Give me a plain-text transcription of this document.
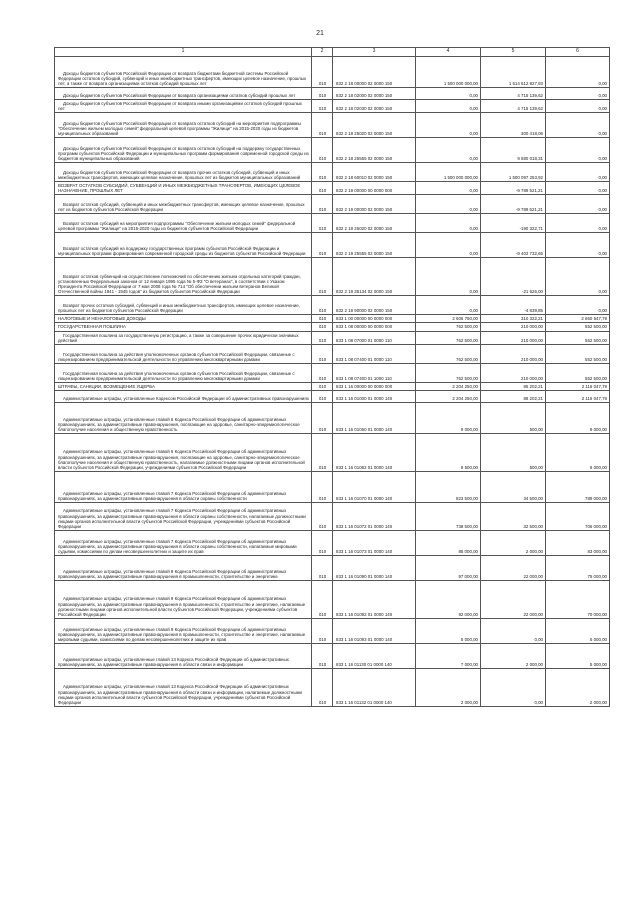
21
1	2	3	4	5	6
Доходы бюджетов субъектов Российской Федерации от возврата бюджетами бюджетной системы Российской Федерации остатков субсидий, субвенций и иных межбюджетных трансфертов, имеющих целевое назначение, прошлых лет, а также от возврата организациями остатков субсидий прошлых лет	010	832 2 18 00000 02 0000 150	1 500 000 000,00	1 514 612 827,93	0,00
Доходы бюджетов субъектов Российской Федерации от возврата организациями остатков субсидий прошлых лет	010	832 2 18 02000 02 0000 150	0,00	4 715 139,62	0,00
Доходы бюджетов субъектов Российской Федерации от возврата иными организациями остатков субсидий прошлых лет	010	832 2 18 02030 02 0000 150	0,00	4 715 139,62	0,00
Доходы бюджетов субъектов Российской Федерации от возврата остатков субсидий на мероприятия подпрограммы "Обеспечение жильем молодых семей" федеральной целевой программы "Жилище" на 2015-2020 годы из бюджетов муниципальных образований	010	832 2 18 25020 02 0000 150	0,00	300 418,06	0,00
Доходы бюджетов субъектов Российской Федерации от возврата остатков субсидий на поддержку государственных программ субъектов Российской Федерации и муниципальных программ формирования современной городской среды из бюджетов муниципальных образований	010	832 2 18 25555 02 0000 150	0,00	9 580 018,31	0,00
Доходы бюджетов субъектов Российской Федерации от возврата прочих остатков субсидий, субвенций и иных межбюджетных трансфертов, имеющих целевое назначение, прошлых лет из бюджетов муниципальных образований	010	832 2 18 60010 02 0000 150	1 500 000 000,00	1 500 097 253,92	0,00
ВОЗВРАТ ОСТАТКОВ СУБСИДИЙ, СУБВЕНЦИЙ И ИНЫХ МЕЖБЮДЖЕТНЫХ ТРАНСФЕРТОВ, ИМЕЮЩИХ ЦЕЛЕВОЕ НАЗНАЧЕНИЕ, ПРОШЛЫХ ЛЕТ	010	832 2 19 00000 00 0000 000	0,00	-9 789 521,21	0,00
Возврат остатков субсидий, субвенций и иных межбюджетных трансфертов, имеющих целевое назначение, прошлых лет из бюджетов субъектов Российской Федерации	010	832 2 19 00000 02 0000 150	0,00	-9 789 521,21	0,00
Возврат остатков субсидий на мероприятия подпрограммы "Обеспечение жильем молодых семей" федеральной целевой программы "Жилище" на 2015-2020 годы из бюджетов субъектов Российской Федерации	010	832 2 19 25020 02 0000 150	0,00	-190 322,71	0,00
Возврат остатков субсидий на поддержку государственных программ субъектов Российской Федерации и муниципальных программ формирования современной городской среды из бюджетов субъектов Российской Федерации	010	832 2 19 25555 02 0000 150	0,00	-9 402 732,65	0,00
Возврат остатков субвенций на осуществление полномочий по обеспечению жильем отдельных категорий граждан, установленных Федеральным законом от 12 января 1995 года № 5-ФЗ "О ветеранах", в соответствии с Указом Президента Российской Федерации от 7 мая 2008 года № 714 "Об обеспечении жильем ветеранов Великой Отечественной войны 1941 - 1945 годов" из бюджетов субъектов Российской Федерации	010	832 2 19 35134 02 0000 150	0,00	-21 626,00	0,00
Возврат прочих остатков субсидий, субвенций и иных межбюджетных трансфертов, имеющих целевое назначение, прошлых лет из бюджетов субъектов Российской Федерации	010	832 2 19 90000 02 0000 150	0,00	-4 839,85	0,00
НАЛОГОВЫЕ И НЕНАЛОГОВЫЕ ДОХОДЫ	010	833 1 00 00000 00 0000 000	2 606 750,00	310 322,21	2 660 547,79
ГОСУДАРСТВЕННАЯ ПОШЛИНА	010	833 1 08 00000 00 0000 000	762 500,00	210 000,00	552 500,00
Государственная пошлина за государственную регистрацию, а также за совершение прочих юридически значимых действий	010	833 1 08 07000 01 0000 110	762 500,00	210 000,00	552 500,00
Государственная пошлина за действия уполномоченных органов субъектов Российской Федерации, связанные с лицензированием предпринимательской деятельности по управлению многоквартирными домами	010	833 1 08 07400 01 0000 110	762 500,00	210 000,00	552 500,00
Государственная пошлина за действия уполномоченных органов субъектов Российской Федерации, связанные с лицензированием предпринимательской деятельности по управлению многоквартирными домами	010	833 1 08 07400 01 1000 110	762 500,00	210 000,00	552 500,00
ШТРАФЫ, САНКЦИИ, ВОЗМЕЩЕНИЕ УЩЕРБА	010	833 1 16 00000 00 0000 000	2 204 250,00	85 202,21	2 116 047,79
Административные штрафы, установленные Кодексом Российской Федерации об административных правонарушениях	010	833 1 16 01000 01 0000 140	2 204 250,00	88 202,21	2 116 047,79
Административные штрафы, установленные главой 6 Кодекса Российской Федерации об административных правонарушениях, за административные правонарушения, посягающие на здоровье, санитарно-эпидемиологическое благополучие населения и общественную нравственность	010	833 1 16 01060 01 0000 140	9 000,00	500,00	9 000,00
Административные штрафы, установленные главой 6 Кодекса Российской Федерации об административных правонарушениях, за административные правонарушения, посягающие на здоровье, санитарно-эпидемиологическое благополучие населения и общественную нравственность, налагаемые должностными лицами органов исполнительной власти субъектов Российской Федерации, учреждениями субъектов Российской Федерации	010	833 1 16 01062 01 0000 140	9 500,00	500,00	9 000,00
Административные штрафы, установленные главой 7 Кодекса Российской Федерации об административных правонарушениях, за административные правонарушения в области охраны собственности	010	833 1 16 01070 01 0000 140	823 500,00	34 500,00	789 000,00
Административные штрафы, установленные главой 7 Кодекса Российской Федерации об административных правонарушениях, за административные правонарушения в области охраны собственности, налагаемые должностными лицами органов исполнительной власти субъектов Российской Федерации, учреждениями субъектов Российской Федерации	010	833 1 16 01072 01 0000 140	738 500,00	32 500,00	706 000,00
Административные штрафы, установленные главой 7 Кодекса Российской Федерации об административных правонарушениях, за административные правонарушения в области охраны собственности, налагаемые мировыми судьями, комиссиями по делам несовершеннолетних и защите их прав	010	833 1 16 01073 01 0000 140	85 000,00	2 000,00	83 000,00
Административные штрафы, установленные главой 9 Кодекса Российской Федерации об административных правонарушениях, за административные правонарушения в промышленности, строительстве и энергетике	010	833 1 16 01090 01 0000 140	97 000,00	22 000,00	75 000,00
Административные штрафы, установленные главой 9 Кодекса Российской Федерации об административных правонарушениях, за административные правонарушения в промышленности, строительстве и энергетике, налагаемые должностными лицами органов исполнительной власти субъектов Российской Федерации, учреждениями субъектов Российской Федерации	010	833 1 16 01092 01 0000 140	92 000,00	22 000,00	70 000,00
Административные штрафы, установленные главой 9 Кодекса Российской Федерации об административных правонарушениях, за административные правонарушения в промышленности, строительстве и энергетике, налагаемые мировыми судьями, комиссиями по делам несовершеннолетних и защите их прав	010	833 1 16 01093 01 0000 140	5 000,00	0,00	5 000,00
Административные штрафы, установленные главой 13 Кодекса Российской Федерации об административных правонарушениях, за административные правонарушения в области связи и информации	010	833 1 16 01130 01 0000 140	7 000,00	2 000,00	5 000,00
Административные штрафы, установленные главой 13 Кодекса Российской Федерации об административных правонарушениях, за административные правонарушения в области связи и информации, налагаемые должностными лицами органов исполнительной власти субъектов Российской Федерации, учреждениями субъектов Российской Федерации	010	833 1 16 01132 01 0000 140	2 000,00	0,00	2 000,00
